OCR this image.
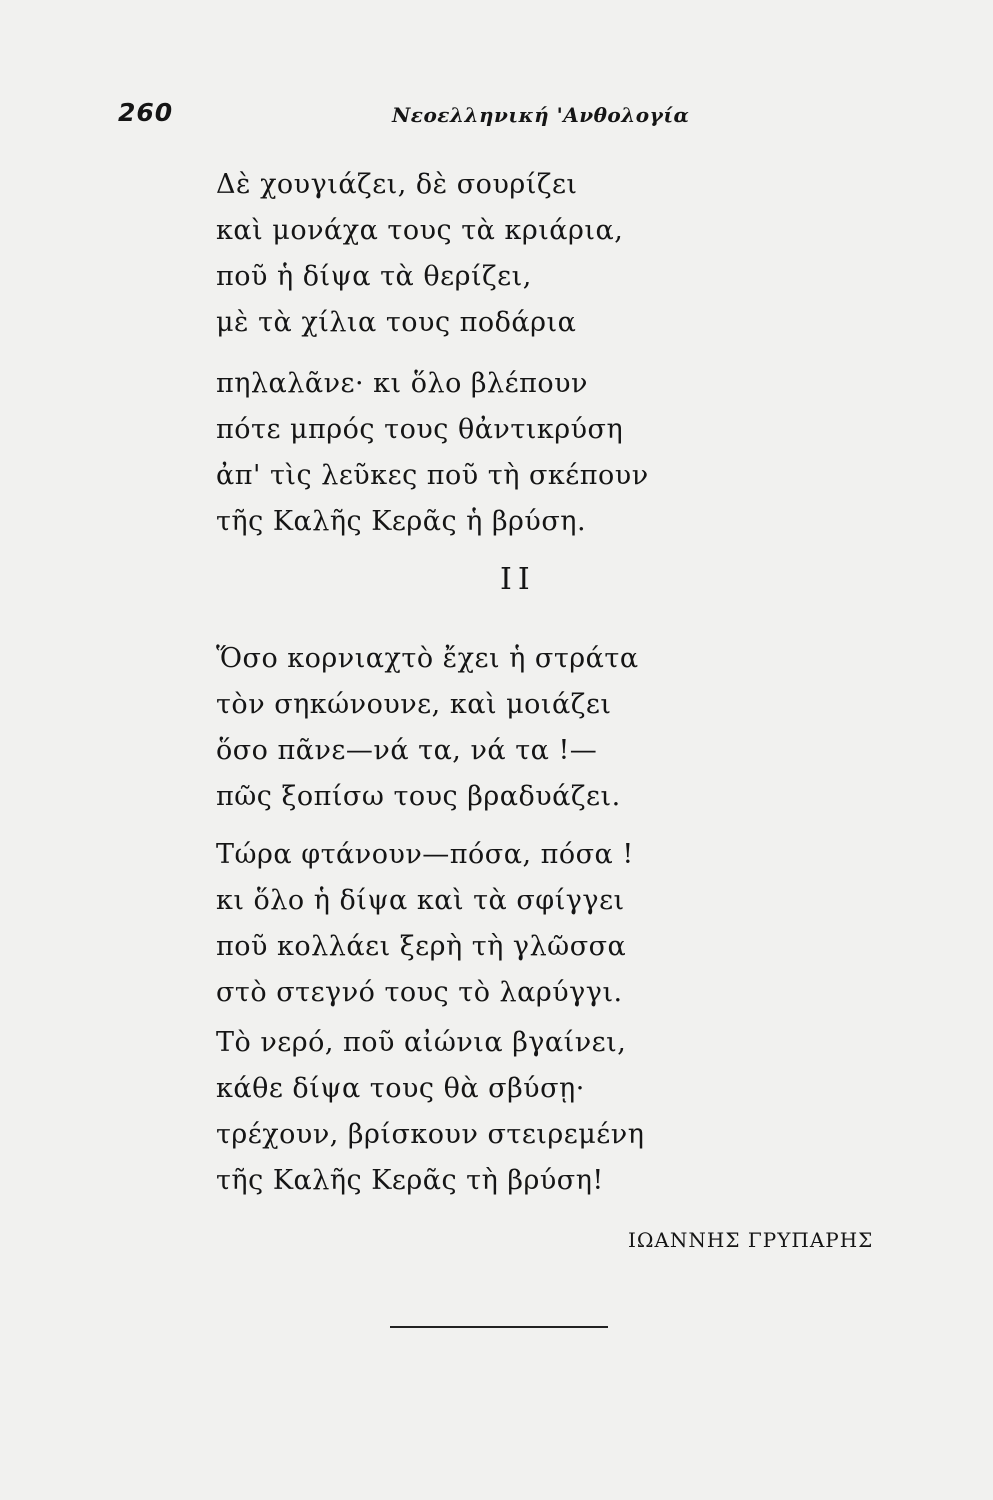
260	Νεοελληνική 'Ανθολογία
Δὲ χουγιάζει, δὲ σουρίζει
καὶ μονάχα τους τὰ κριάρια,
ποῦ ἡ δίψα τὰ θερίζει,
μὲ τὰ χίλια τους ποδάρια
πηλαλᾶνε· κι ὅλο βλέπουν
πότε μπρός τους θἀντικρύση
ἀπ' τὶς λεῦκες ποῦ τὴ σκέπουν
τῆς Καλῆς Κερᾶς ἡ βρύση.
II
Ὅσο κορνιαχτὸ ἔχει ἡ στράτα
τὸν σηκώνουνε, καὶ μοιάζει
ὅσο πᾶνε—νά τα, νά τα !—
πῶς ξοπίσω τους βραδυάζει.
Τώρα φτάνουν—πόσα, πόσα !
κι ὅλο ἡ δίψα καὶ τὰ σφίγγει
ποῦ κολλάει ξερὴ τὴ γλῶσσα
στὸ στεγνό τους τὸ λαρύγγι.
Τὸ νερό, ποῦ αἰώνια βγαίνει,
κάθε δίψα τους θὰ σβύσῃ·
τρέχουν, βρίσκουν στειρεμένη
τῆς Καλῆς Κερᾶς τὴ βρύση!
ΙΩΑΝΝΗΣ ΓΡΥΠΑΡΗΣ
